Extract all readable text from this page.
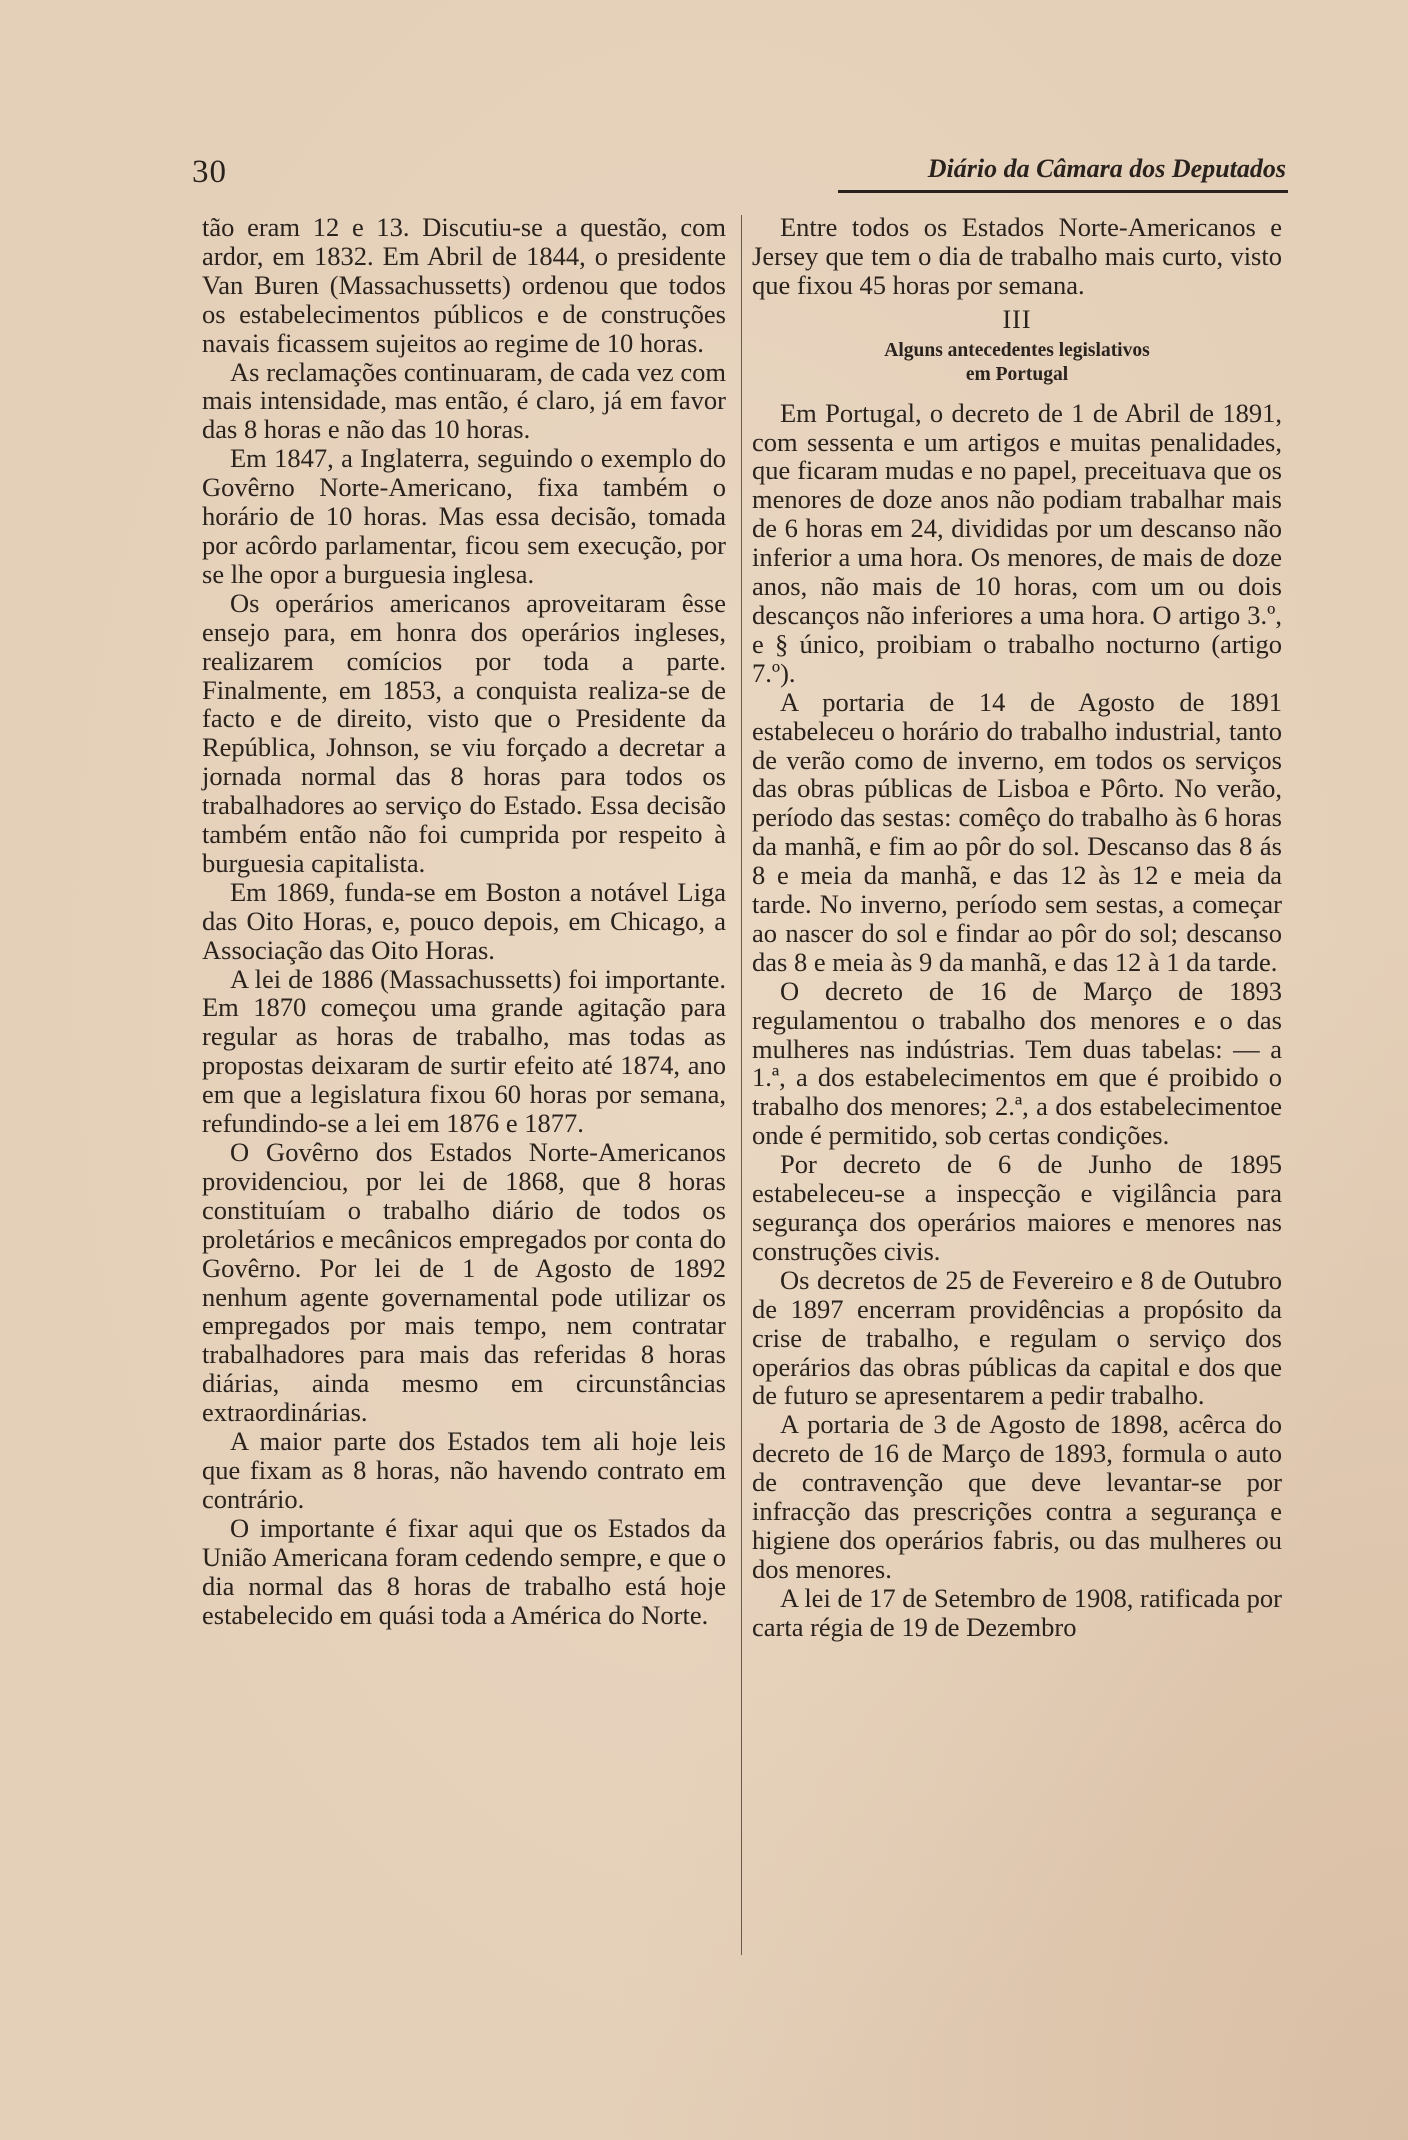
30	Diário da Câmara dos Deputados

tão eram 12 e 13. Discutiu-se a questão, com ardor, em 1832. Em Abril de 1844, o presidente Van Buren (Massachussetts) ordenou que todos os estabelecimentos públicos e de construções navais ficassem sujeitos ao regime de 10 horas.

As reclamações continuaram, de cada vez com mais intensidade, mas então, é claro, já em favor das 8 horas e não das 10 horas.

Em 1847, a Inglaterra, seguindo o exemplo do Govêrno Norte-Americano, fixa também o horário de 10 horas. Mas essa decisão, tomada por acôrdo parlamentar, ficou sem execução, por se lhe opor a burguesia inglesa.

Os operários americanos aproveitaram êsse ensejo para, em honra dos operários ingleses, realizarem comícios por toda a parte. Finalmente, em 1853, a conquista realiza-se de facto e de direito, visto que o Presidente da República, Johnson, se viu forçado a decretar a jornada normal das 8 horas para todos os trabalhadores ao serviço do Estado. Essa decisão também então não foi cumprida por respeito à burguesia capitalista.

Em 1869, funda-se em Boston a notável Liga das Oito Horas, e, pouco depois, em Chicago, a Associação das Oito Horas.

A lei de 1886 (Massachussetts) foi importante. Em 1870 começou uma grande agitação para regular as horas de trabalho, mas todas as propostas deixaram de surtir efeito até 1874, ano em que a legislatura fixou 60 horas por semana, refundindo-se a lei em 1876 e 1877.

O Govêrno dos Estados Norte-Americanos providenciou, por lei de 1868, que 8 horas constituíam o trabalho diário de todos os proletários e mecânicos empregados por conta do Govêrno. Por lei de 1 de Agosto de 1892 nenhum agente governamental pode utilizar os empregados por mais tempo, nem contratar trabalhadores para mais das referidas 8 horas diárias, ainda mesmo em circunstâncias extraordinárias.

A maior parte dos Estados tem ali hoje leis que fixam as 8 horas, não havendo contrato em contrário.

O importante é fixar aqui que os Estados da União Americana foram cedendo sempre, e que o dia normal das 8 horas de trabalho está hoje estabelecido em quási toda a América do Norte.

Entre todos os Estados Norte-Americanos e Jersey que tem o dia de trabalho mais curto, visto que fixou 45 horas por semana.

III
Alguns antecedentes legislativos
em Portugal

Em Portugal, o decreto de 1 de Abril de 1891, com sessenta e um artigos e muitas penalidades, que ficaram mudas e no papel, preceituava que os menores de doze anos não podiam trabalhar mais de 6 horas em 24, divididas por um descanso não inferior a uma hora. Os menores, de mais de doze anos, não mais de 10 horas, com um ou dois descanços não inferiores a uma hora. O artigo 3.º, e § único, proibiam o trabalho nocturno (artigo 7.º).

A portaria de 14 de Agosto de 1891 estabeleceu o horário do trabalho industrial, tanto de verão como de inverno, em todos os serviços das obras públicas de Lisboa e Pôrto. No verão, período das sestas: comêço do trabalho às 6 horas da manhã, e fim ao pôr do sol. Descanso das 8 ás 8 e meia da manhã, e das 12 às 12 e meia da tarde. No inverno, período sem sestas, a começar ao nascer do sol e findar ao pôr do sol; descanso das 8 e meia às 9 da manhã, e das 12 à 1 da tarde.

O decreto de 16 de Março de 1893 regulamentou o trabalho dos menores e o das mulheres nas indústrias. Tem duas tabelas: — a 1.ª, a dos estabelecimentos em que é proibido o trabalho dos menores; 2.ª, a dos estabelecimentoe onde é permitido, sob certas condições.

Por decreto de 6 de Junho de 1895 estabeleceu-se a inspecção e vigilância para segurança dos operários maiores e menores nas construções civis.

Os decretos de 25 de Fevereiro e 8 de Outubro de 1897 encerram providências a propósito da crise de trabalho, e regulam o serviço dos operários das obras públicas da capital e dos que de futuro se apresentarem a pedir trabalho.

A portaria de 3 de Agosto de 1898, acêrca do decreto de 16 de Março de 1893, formula o auto de contravenção que deve levantar-se por infracção das prescrições contra a segurança e higiene dos operários fabris, ou das mulheres ou dos menores.

A lei de 17 de Setembro de 1908, ratificada por carta régia de 19 de Dezembro
